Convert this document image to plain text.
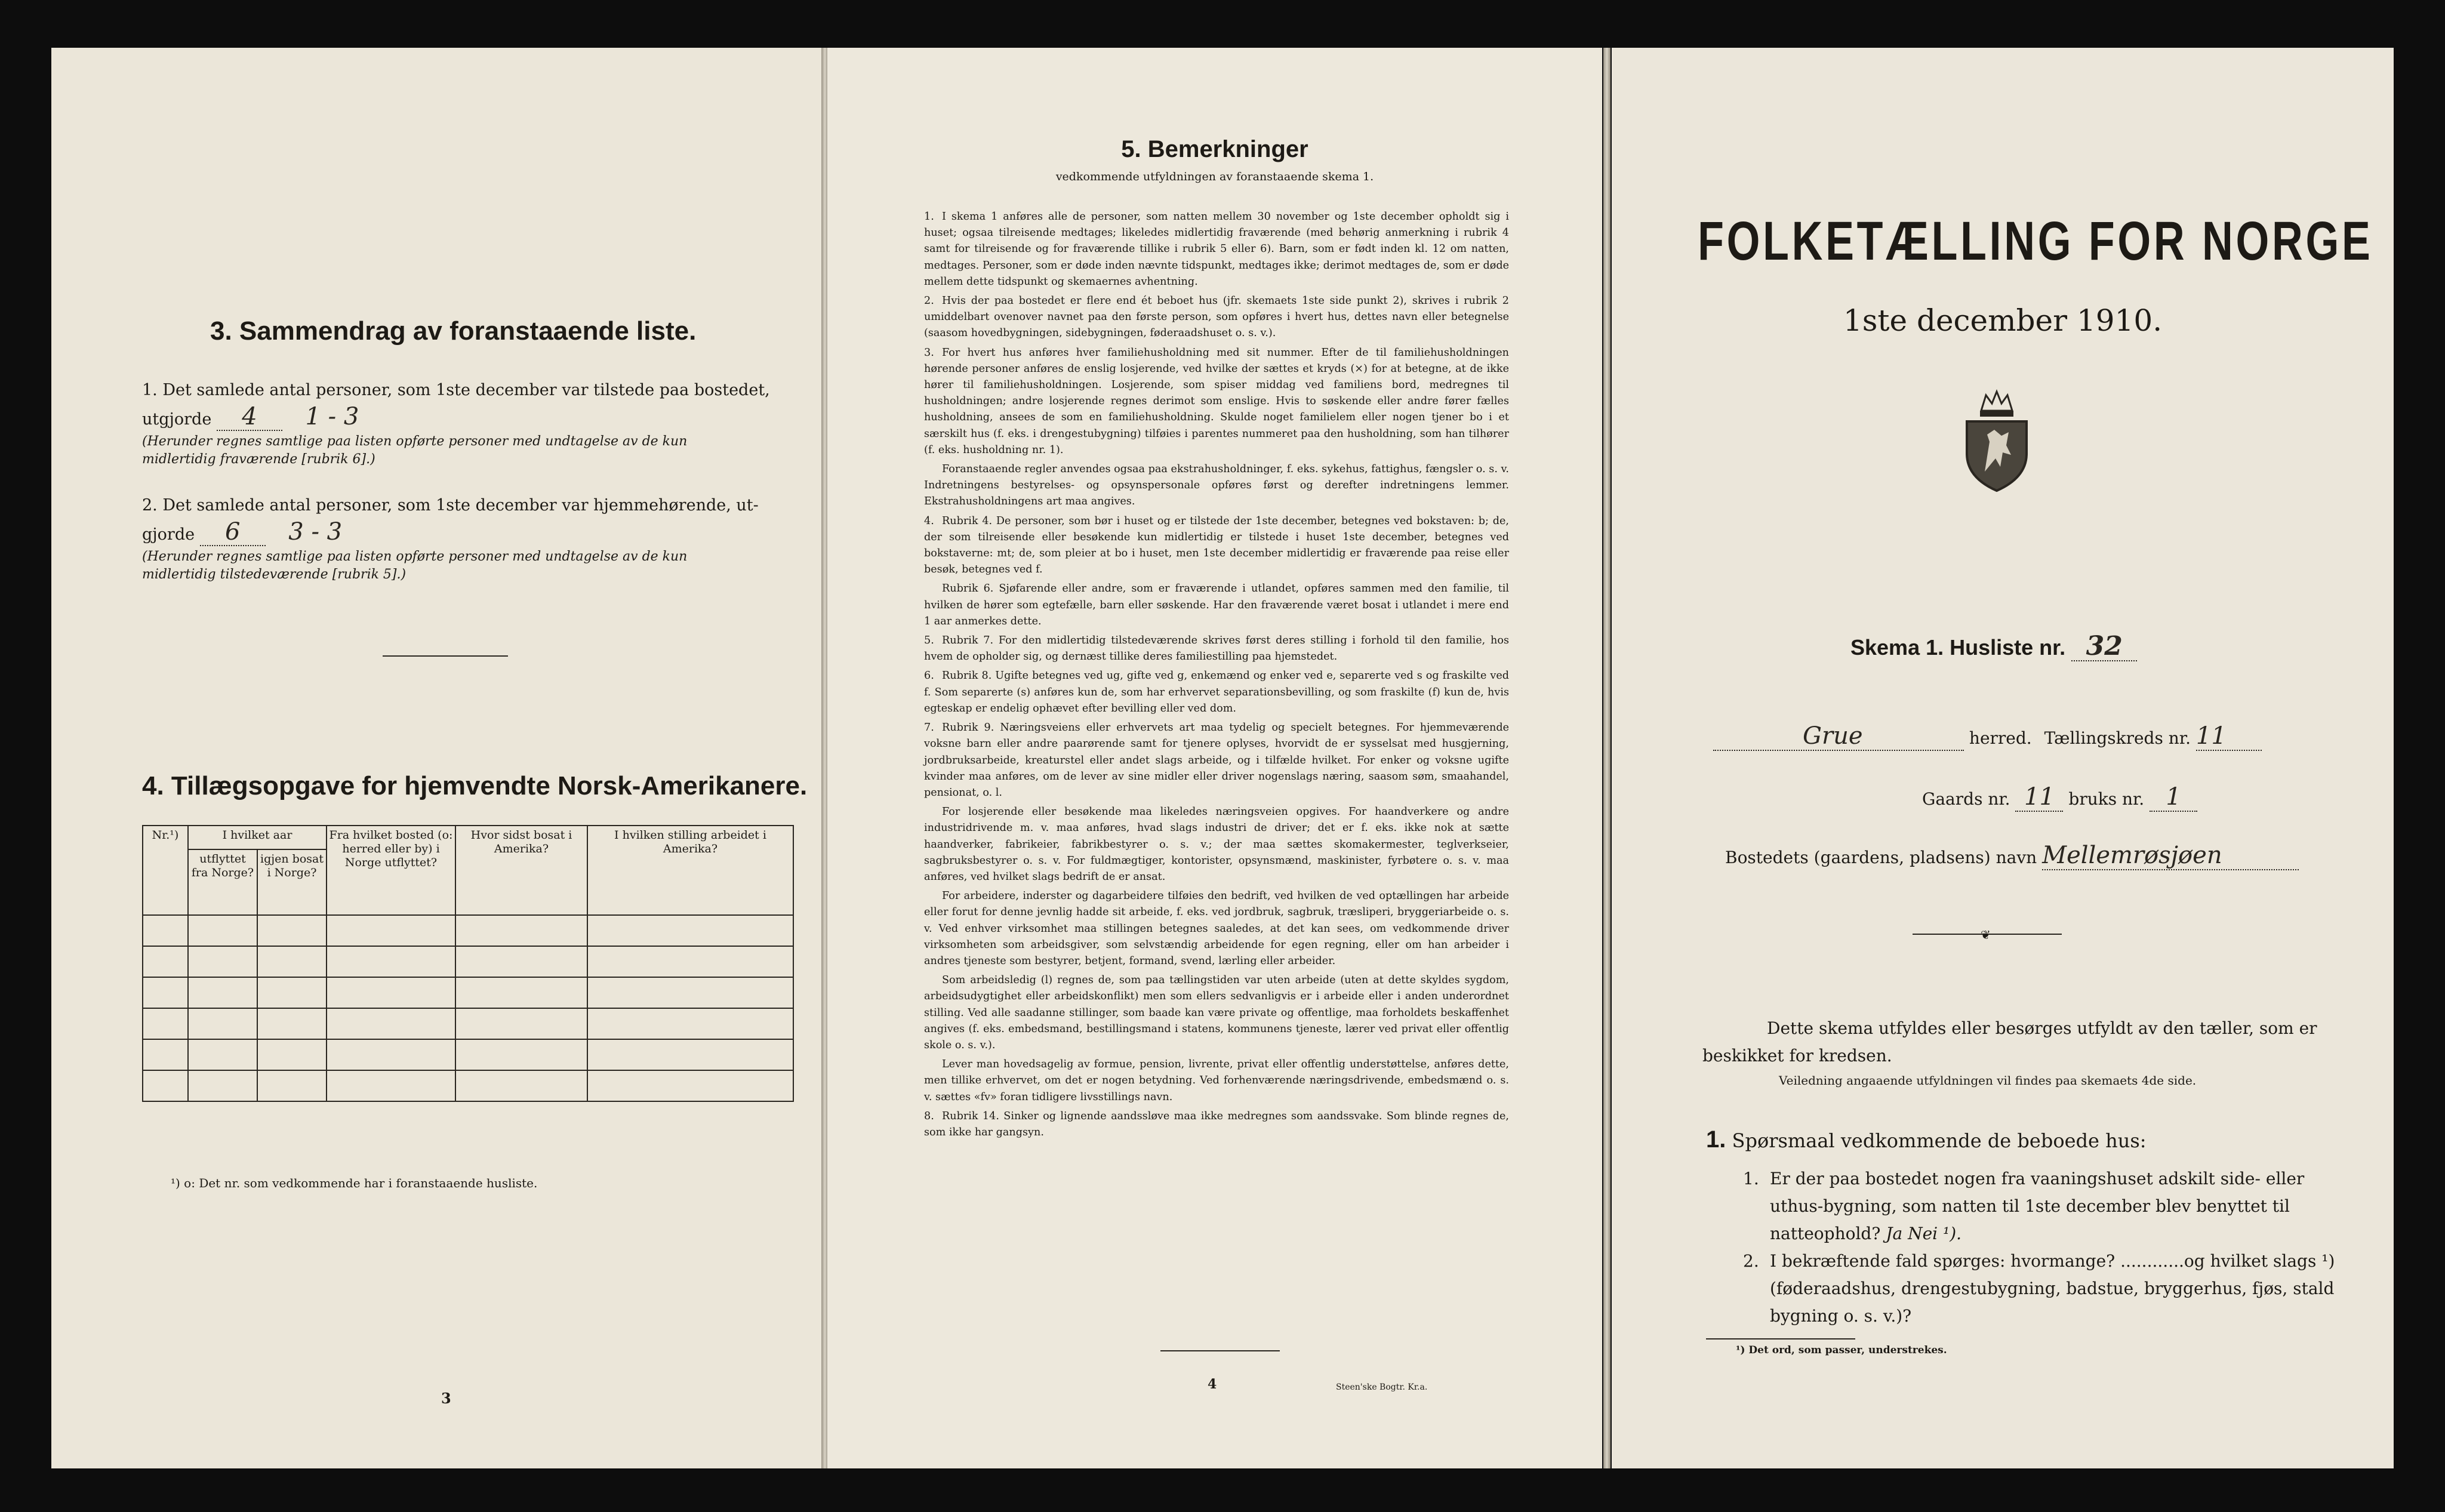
3. Sammendrag av foranstaaende liste.
1. Det samlede antal personer, som 1ste december var tilstede paa bostedet,
utgjorde 4 1 - 3
(Herunder regnes samtlige paa listen opførte personer med undtagelse av de kun midlertidig fraværende [rubrik 6].)
2. Det samlede antal personer, som 1ste december var hjemmehørende, ut-
gjorde 6 3 - 3
(Herunder regnes samtlige paa listen opførte personer med undtagelse av de kun midlertidig tilstedeværende [rubrik 5].)
4. Tillægsopgave for hjemvendte Norsk-Amerikanere.
Nr.¹)	I hvilket aar		Fra hvilket bosted (o: herred eller by) i Norge utflyttet?	Hvor sidst bosat i Amerika?	I hvilken stilling arbeidet i Amerika?
	utflyttet fra Norge?	igjen bosat i Norge?			

¹) o: Det nr. som vedkommende har i foranstaaende husliste.
3
5. Bemerkninger
vedkommende utfyldningen av foranstaaende skema 1.

1. I skema 1 anføres alle de personer, som natten mellem 30 november og 1ste december opholdt sig i huset; ogsaa tilreisende medtages; likeledes midlertidig fraværende (med behørig anmerkning i rubrik 4 samt for tilreisende og for fraværende tillike i rubrik 5 eller 6). Barn, som er født inden kl. 12 om natten, medtages. Personer, som er døde inden nævnte tidspunkt, medtages ikke; derimot medtages de, som er døde mellem dette tidspunkt og skemaernes avhentning.

2. Hvis der paa bostedet er flere end ét beboet hus (jfr. skemaets 1ste side punkt 2), skrives i rubrik 2 umiddelbart ovenover navnet paa den første person, som opføres i hvert hus, dettes navn eller betegnelse (saasom hovedbygningen, sidebygningen, føderaadshuset o. s. v.).

3. For hvert hus anføres hver familiehusholdning med sit nummer. Efter de til familiehusholdningen hørende personer anføres de enslig losjerende, ved hvilke der sættes et kryds (×) for at betegne, at de ikke hører til familiehusholdningen. Losjerende, som spiser middag ved familiens bord, medregnes til husholdningen; andre losjerende regnes derimot som enslige. Hvis to søskende eller andre fører fælles husholdning, ansees de som en familiehusholdning. Skulde noget familielem eller nogen tjener bo i et særskilt hus (f. eks. i drengestubygning) tilføies i parentes nummeret paa den husholdning, som han tilhører (f. eks. husholdning nr. 1).

Foranstaaende regler anvendes ogsaa paa ekstrahusholdninger, f. eks. sykehus, fattighus, fængsler o. s. v. Indretningens bestyrelses- og opsynspersonale opføres først og derefter indretningens lemmer. Ekstrahusholdningens art maa angives.

4. Rubrik 4. De personer, som bør i huset og er tilstede der 1ste december, betegnes ved bokstaven: b; de, der som tilreisende eller besøkende kun midlertidig er tilstede i huset 1ste december, betegnes ved bokstaverne: mt; de, som pleier at bo i huset, men 1ste december midlertidig er fraværende paa reise eller besøk, betegnes ved f.

Rubrik 6. Sjøfarende eller andre, som er fraværende i utlandet, opføres sammen med den familie, til hvilken de hører som egtefælle, barn eller søskende. Har den fraværende været bosat i utlandet i mere end 1 aar anmerkes dette.

5. Rubrik 7. For den midlertidig tilstedeværende skrives først deres stilling i forhold til den familie, hos hvem de opholder sig, og dernæst tillike deres familiestilling paa hjemstedet.

6. Rubrik 8. Ugifte betegnes ved ug, gifte ved g, enkemænd og enker ved e, separerte ved s og fraskilte ved f. Som separerte (s) anføres kun de, som har erhvervet separationsbevilling, og som fraskilte (f) kun de, hvis egteskap er endelig ophævet efter bevilling eller ved dom.

7. Rubrik 9. Næringsveiens eller erhvervets art maa tydelig og specielt betegnes. For hjemmeværende voksne barn eller andre paarørende samt for tjenere oplyses, hvorvidt de er sysselsat med husgjerning, jordbruksarbeide, kreaturstel eller andet slags arbeide, og i tilfælde hvilket. For enker og voksne ugifte kvinder maa anføres, om de lever av sine midler eller driver nogenslags næring, saasom søm, smaahandel, pensionat, o. l.

For losjerende eller besøkende maa likeledes næringsveien opgives. For haandverkere og andre industridrivende m. v. maa anføres, hvad slags industri de driver; det er f. eks. ikke nok at sætte haandverker, fabrikeier, fabrikbestyrer o. s. v.; der maa sættes skomakermester, teglverkseier, sagbruksbestyrer o. s. v. For fuldmægtiger, kontorister, opsynsmænd, maskinister, fyrbøtere o. s. v. maa anføres, ved hvilket slags bedrift de er ansat.

For arbeidere, inderster og dagarbeidere tilføies den bedrift, ved hvilken de ved optællingen har arbeide eller forut for denne jevnlig hadde sit arbeide, f. eks. ved jordbruk, sagbruk, træsliperi, bryggeriarbeide o. s. v. Ved enhver virksomhet maa stillingen betegnes saaledes, at det kan sees, om vedkommende driver virksomheten som arbeidsgiver, som selvstændig arbeidende for egen regning, eller om han arbeider i andres tjeneste som bestyrer, betjent, formand, svend, lærling eller arbeider.

Som arbeidsledig (l) regnes de, som paa tællingstiden var uten arbeide (uten at dette skyldes sygdom, arbeidsudygtighet eller arbeidskonflikt) men som ellers sedvanligvis er i arbeide eller i anden underordnet stilling. Ved alle saadanne stillinger, som baade kan være private og offentlige, maa forholdets beskaffenhet angives (f. eks. embedsmand, bestillingsmand i statens, kommunens tjeneste, lærer ved privat eller offentlig skole o. s. v.).

Lever man hovedsagelig av formue, pension, livrente, privat eller offentlig understøttelse, anføres dette, men tillike erhvervet, om det er nogen betydning. Ved forhenværende næringsdrivende, embedsmænd o. s. v. sættes «fv» foran tidligere livsstillings navn.

8. Rubrik 14. Sinker og lignende aandssløve maa ikke medregnes som aandssvake. Som blinde regnes de, som ikke har gangsyn.

4	Steen'ske Bogtr. Kr.a.
FOLKETÆLLING FOR NORGE
1ste december 1910.
Skema 1. Husliste nr. 32
Grue	herred. Tællingskreds nr. 11
Gaards nr. 11 bruks nr. 1
Bostedets (gaardens, pladsens) navn Mellemrøsjøen
❦
Dette skema utfyldes eller besørges utfyldt av den tæller, som er beskikket for kredsen.
Veiledning angaaende utfyldningen vil findes paa skemaets 4de side.
1. Spørsmaal vedkommende de beboede hus:
1. Er der paa bostedet nogen fra vaaningshuset adskilt side- eller uthus-bygning, som natten til 1ste december blev benyttet til natteophold? Ja Nei ¹).
2. I bekræftende fald spørges: hvormange? ............og hvilket slags ¹) (føderaadshus, drengestubygning, badstue, bryggerhus, fjøs, stald bygning o. s. v.)?
¹) Det ord, som passer, understrekes.
